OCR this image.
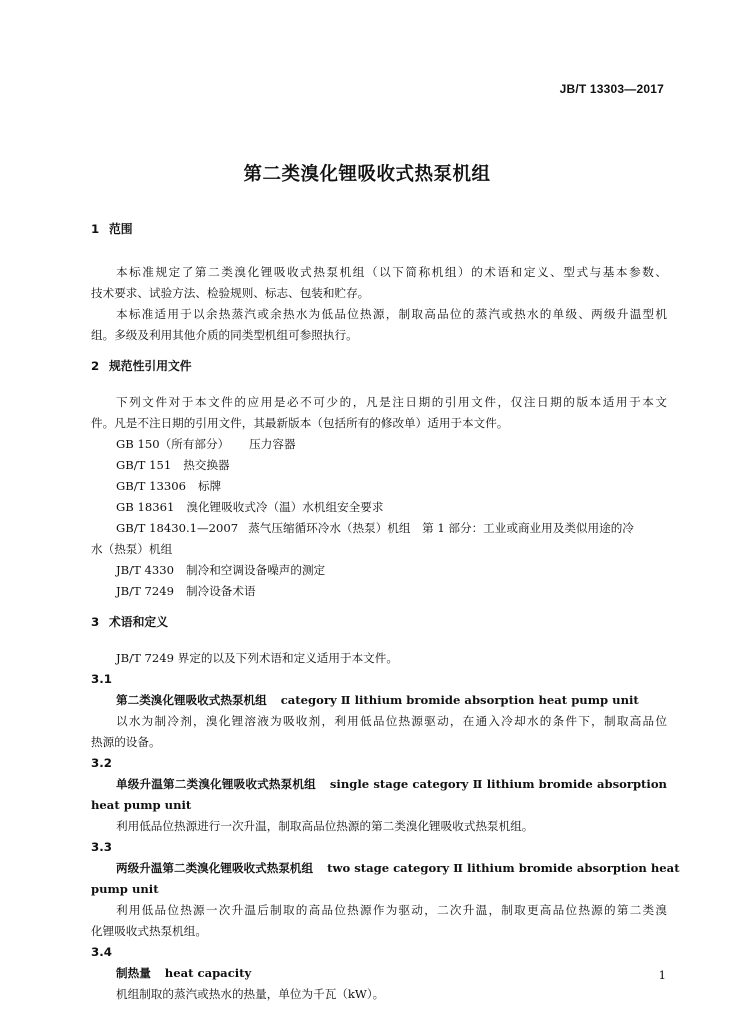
JB/T 13303—2017
第二类溴化锂吸收式热泵机组
1 范围
本标准规定了第二类溴化锂吸收式热泵机组（以下简称机组）的术语和定义、型式与基本参数、
技术要求、试验方法、检验规则、标志、包装和贮存。
本标准适用于以余热蒸汽或余热水为低品位热源，制取高品位的蒸汽或热水的单级、两级升温型机
组。多级及利用其他介质的同类型机组可参照执行。
2 规范性引用文件
下列文件对于本文件的应用是必不可少的，凡是注日期的引用文件，仅注日期的版本适用于本文
件。凡是不注日期的引用文件，其最新版本（包括所有的修改单）适用于本文件。
GB 150（所有部分） 压力容器
GB/T 151 热交换器
GB/T 13306 标牌
GB 18361 溴化锂吸收式冷（温）水机组安全要求
GB/T 18430.1—2007 蒸气压缩循环冷水（热泵）机组　第 1 部分：工业或商业用及类似用途的冷
水（热泵）机组
JB/T 4330 制冷和空调设备噪声的测定
JB/T 7249 制冷设备术语
3 术语和定义
JB/T 7249 界定的以及下列术语和定义适用于本文件。
3.1
第二类溴化锂吸收式热泵机组 category Ⅱ lithium bromide absorption heat pump unit
以水为制冷剂，溴化锂溶液为吸收剂，利用低品位热源驱动，在通入冷却水的条件下，制取高品位
热源的设备。
3.2
单级升温第二类溴化锂吸收式热泵机组 single stage category Ⅱ lithium bromide absorption
heat pump unit
利用低品位热源进行一次升温，制取高品位热源的第二类溴化锂吸收式热泵机组。
3.3
两级升温第二类溴化锂吸收式热泵机组 two stage category Ⅱ lithium bromide absorption heat
pump unit
利用低品位热源一次升温后制取的高品位热源作为驱动，二次升温，制取更高品位热源的第二类溴
化锂吸收式热泵机组。
3.4
制热量 heat capacity
机组制取的蒸汽或热水的热量，单位为千瓦（kW）。
1
